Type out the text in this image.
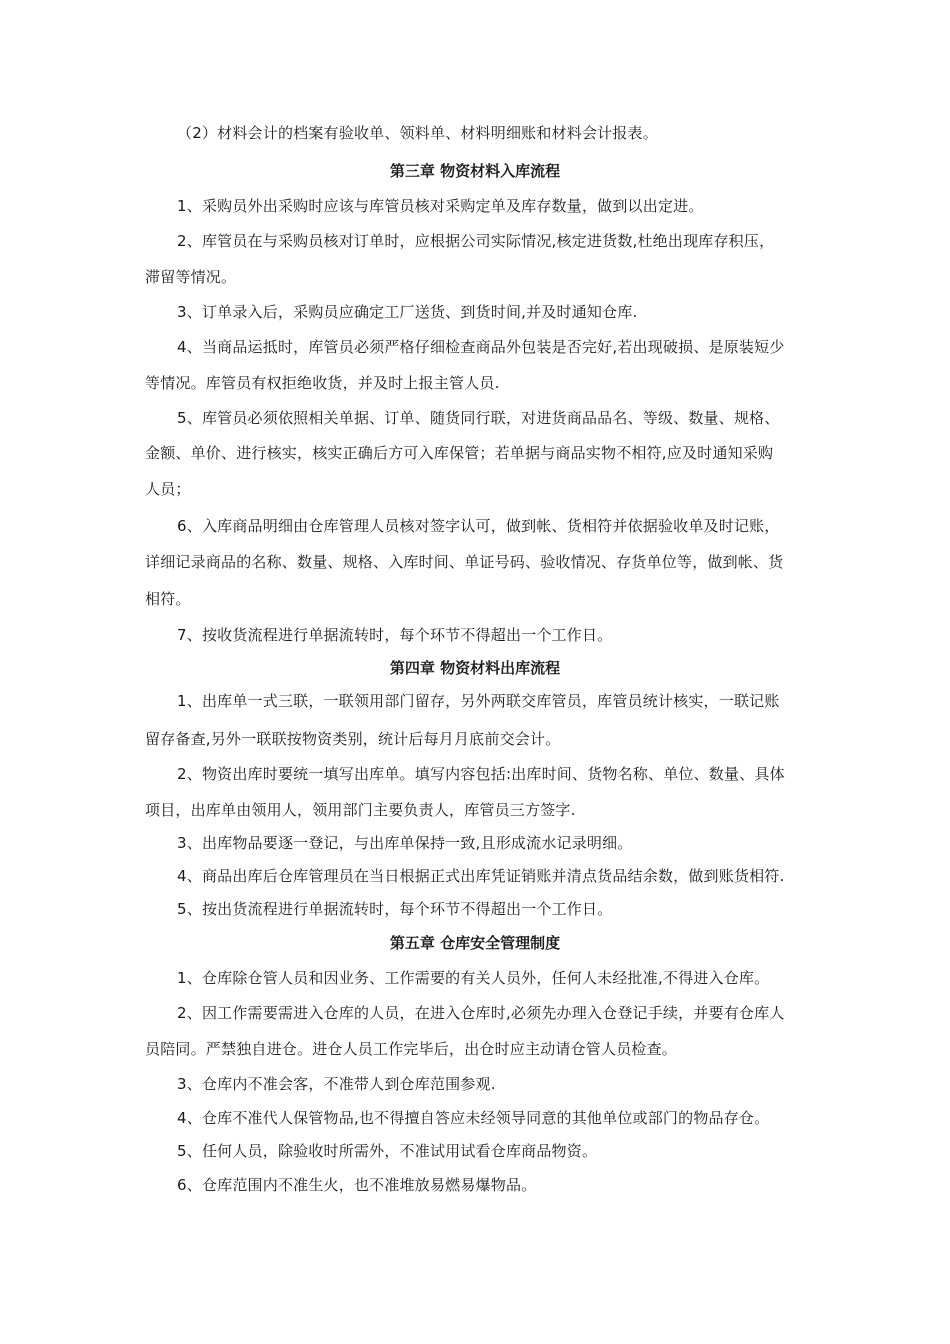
（2）材料会计的档案有验收单、领料单、材料明细账和材料会计报表。
第三章 物资材料入库流程
1、采购员外出采购时应该与库管员核对采购定单及库存数量，做到以出定进。
2、库管员在与采购员核对订单时，应根据公司实际情况,核定进货数,杜绝出现库存积压，
滞留等情况。
3、订单录入后，采购员应确定工厂送货、到货时间,并及时通知仓库.
4、当商品运抵时，库管员必须严格仔细检查商品外包装是否完好,若出现破损、是原装短少
等情况。库管员有权拒绝收货，并及时上报主管人员.
5、库管员必须依照相关单据、订单、随货同行联，对进货商品品名、等级、数量、规格、
金额、单价、进行核实，核实正确后方可入库保管；若单据与商品实物不相符,应及时通知采购
人员；
6、入库商品明细由仓库管理人员核对签字认可，做到帐、货相符并依据验收单及时记账，
详细记录商品的名称、数量、规格、入库时间、单证号码、验收情况、存货单位等，做到帐、货
相符。
7、按收货流程进行单据流转时，每个环节不得超出一个工作日。
第四章 物资材料出库流程
1、出库单一式三联，一联领用部门留存，另外两联交库管员，库管员统计核实，一联记账
留存备查,另外一联联按物资类别，统计后每月月底前交会计。
2、物资出库时要统一填写出库单。填写内容包括:出库时间、货物名称、单位、数量、具体
项目，出库单由领用人，领用部门主要负责人，库管员三方签字.
3、出库物品要逐一登记，与出库单保持一致,且形成流水记录明细。
4、商品出库后仓库管理员在当日根据正式出库凭证销账并清点货品结余数，做到账货相符.
5、按出货流程进行单据流转时，每个环节不得超出一个工作日。
第五章 仓库安全管理制度
1、仓库除仓管人员和因业务、工作需要的有关人员外，任何人未经批准,不得进入仓库。
2、因工作需要需进入仓库的人员，在进入仓库时,必须先办理入仓登记手续，并要有仓库人
员陪同。严禁独自进仓。进仓人员工作完毕后，出仓时应主动请仓管人员检查。
3、仓库内不准会客，不准带人到仓库范围参观.
4、仓库不准代人保管物品,也不得擅自答应未经领导同意的其他单位或部门的物品存仓。
5、任何人员，除验收时所需外，不准试用试看仓库商品物资。
6、仓库范围内不准生火，也不准堆放易燃易爆物品。
